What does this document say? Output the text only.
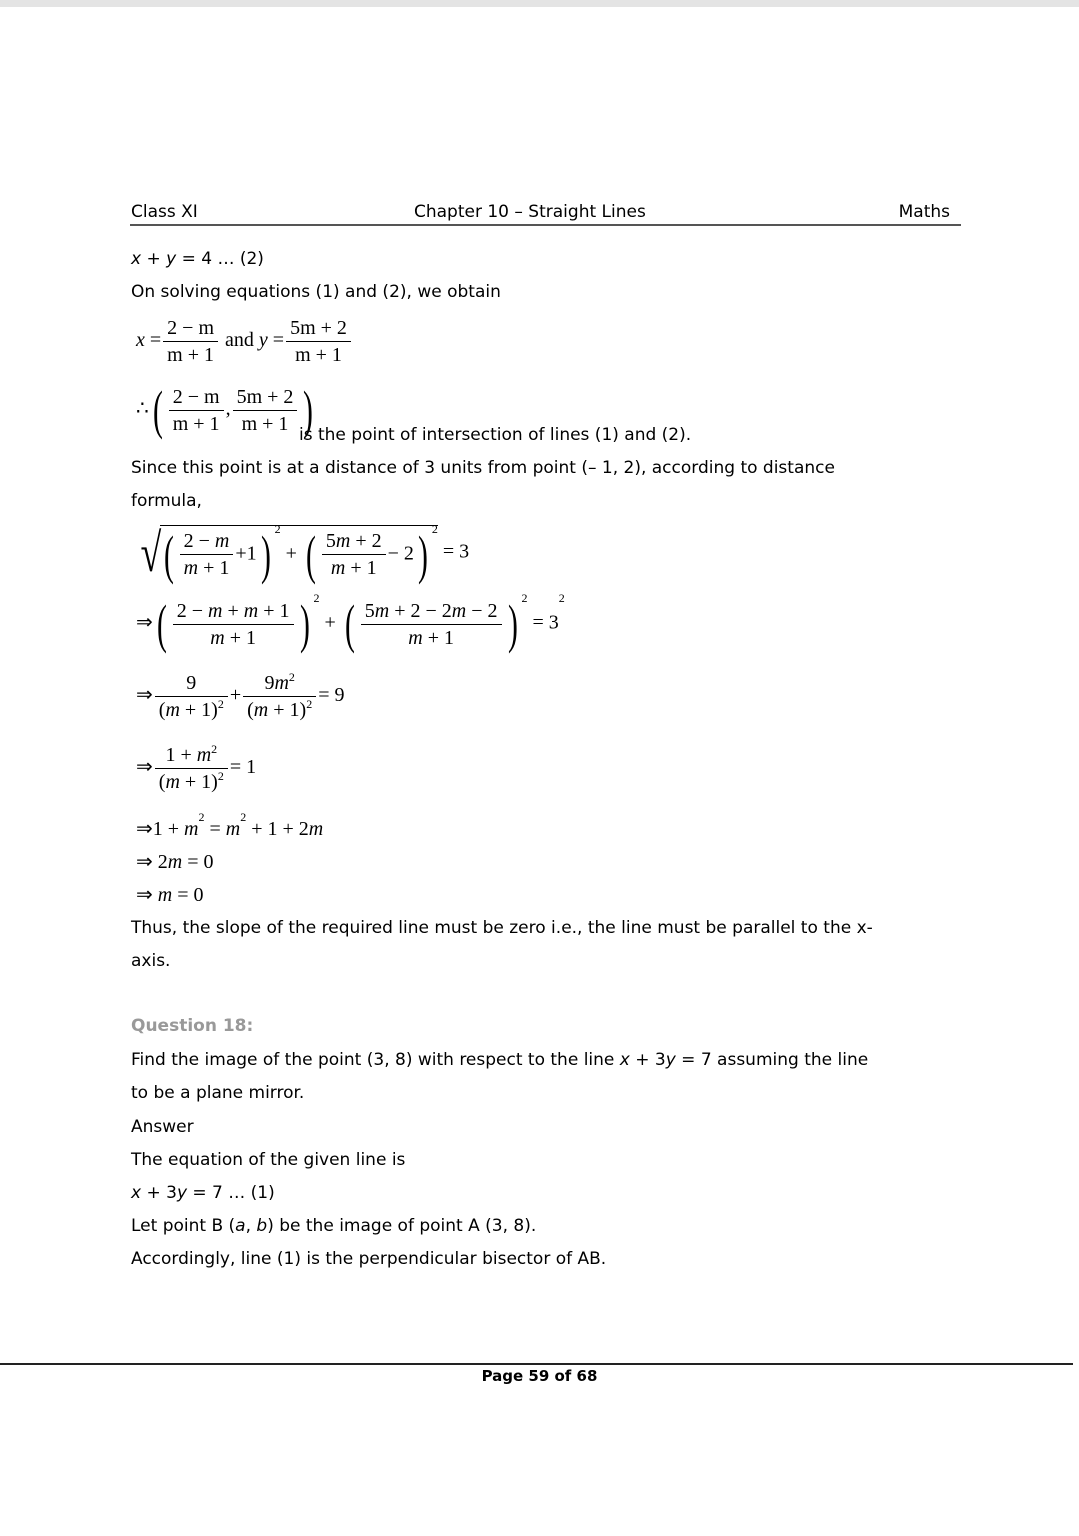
Class XI	Chapter 10 – Straight Lines	Maths
x + y = 4 … (2)
On solving equations (1) and (2), we obtain
$x = \frac{2 - m}{m + 1}$ and $y = \frac{5m + 2}{m + 1}$
∴( $\frac{2 - m}{m + 1}$ , $\frac{5m + 2}{m + 1}$ )
is the point of intersection of lines (1) and (2).
Since this point is at a distance of 3 units from point (– 1, 2), according to distance
formula,
√( $\frac{2 - m}{m + 1} +1$) $^2$ + ( $\frac{5m + 2}{m + 1} - 2$) $^2$ = 3
⇒( $\frac{2 - m + m + 1}{m + 1}$ ) $^2$ + ( $\frac{5m + 2 - 2m - 2}{m + 1}$ ) $^2 = 3^2$
⇒ $\frac{9}{(m + 1)^2} + \frac{9m^2}{(m + 1)^2} = 9$
⇒ $\frac{1 + m^2}{(m + 1)^2} = 1$
⇒1 + $m^2 = m^2 + 1 + 2m$
⇒ 2m = 0
⇒ m = 0
Thus, the slope of the required line must be zero i.e., the line must be parallel to the x-
axis.
Question 18:
Find the image of the point (3, 8) with respect to the line x + 3y = 7 assuming the line
to be a plane mirror.
Answer
The equation of the given line is
x + 3y = 7 … (1)
Let point B (a, b) be the image of point A (3, 8).
Accordingly, line (1) is the perpendicular bisector of AB.
Page 59 of 68
